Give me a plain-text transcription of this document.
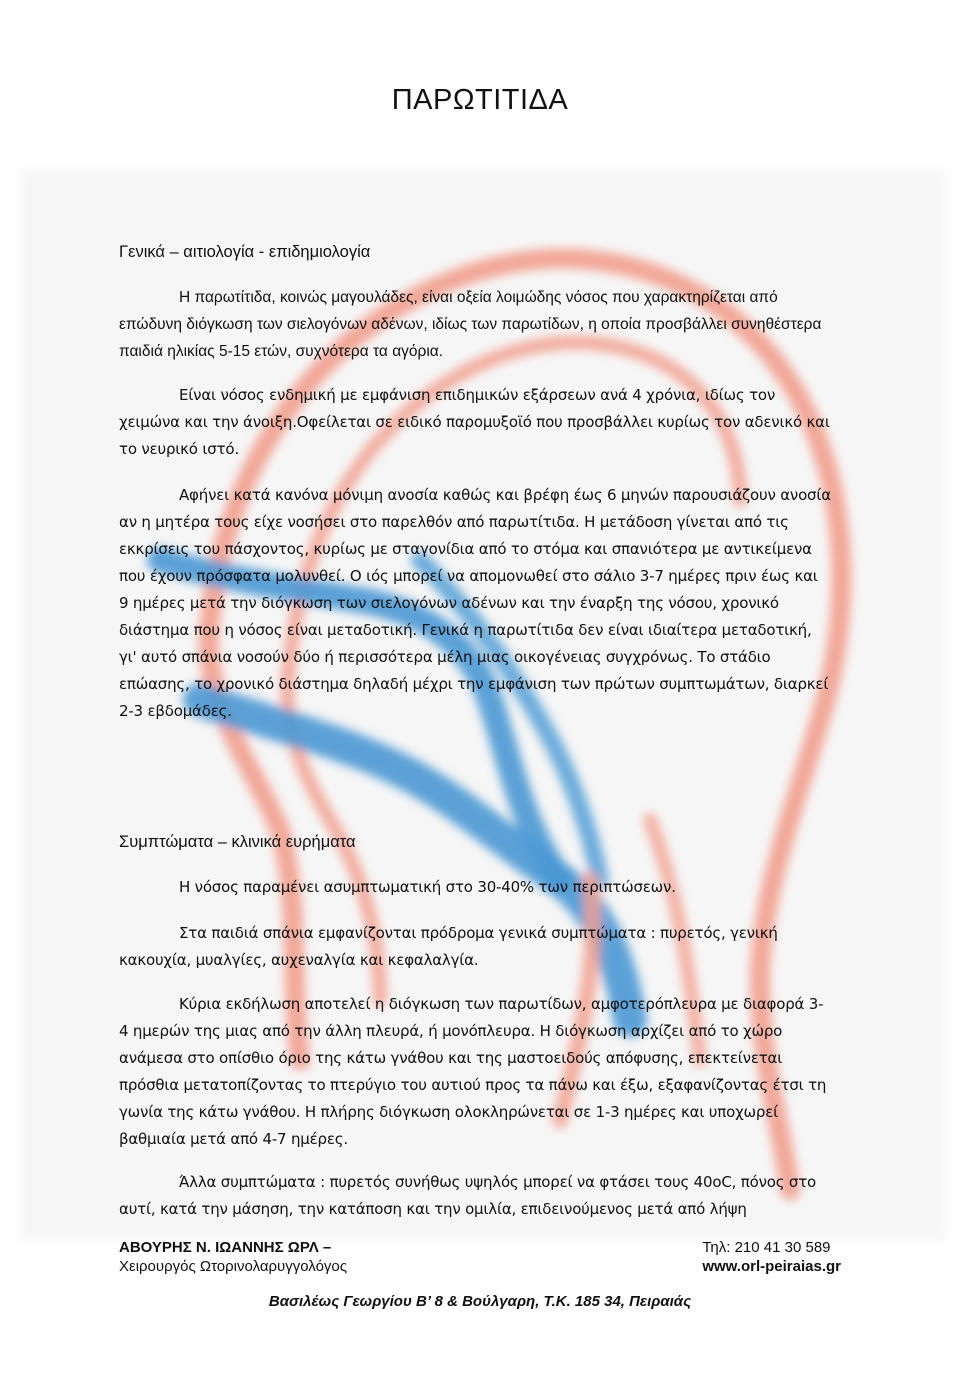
ΠΑΡΩΤΙΤΙΔΑ
Γενικά – αιτιολογία - επιδημιολογία

Η παρωτίτιδα, κοινώς μαγουλάδες, είναι οξεία λοιμώδης νόσος που χαρακτηρίζεται από επώδυνη διόγκωση των σιελογόνων αδένων, ιδίως των παρωτίδων, η οποία προσβάλλει συνηθέστερα παιδιά ηλικίας 5-15 ετών, συχνότερα τα αγόρια.

Είναι νόσος ενδημική με εμφάνιση επιδημικών εξάρσεων ανά 4 χρόνια, ιδίως τον χειμώνα και την άνοιξη.Οφείλεται σε ειδικό παρομυξοϊό που προσβάλλει κυρίως τον αδενικό και το νευρικό ιστό.

Αφήνει κατά κανόνα μόνιμη ανοσία καθώς και βρέφη έως 6 μηνών παρουσιάζουν ανοσία αν η μητέρα τους είχε νοσήσει στο παρελθόν από παρωτίτιδα. Η μετάδοση γίνεται από τις εκκρίσεις του πάσχοντος, κυρίως με σταγονίδια από το στόμα και σπανιότερα με αντικείμενα που έχουν πρόσφατα μολυνθεί. Ο ιός μπορεί να απομονωθεί στο σάλιο 3-7 ημέρες πριν έως και 9 ημέρες μετά την διόγκωση των σιελογόνων αδένων και την έναρξη της νόσου, χρονικό διάστημα που η νόσος είναι μεταδοτική. Γενικά η παρωτίτιδα δεν είναι ιδιαίτερα μεταδοτική, γι' αυτό σπάνια νοσούν δύο ή περισσότερα μέλη μιας οικογένειας συγχρόνως. Το στάδιο επώασης, το χρονικό διάστημα δηλαδή μέχρι την εμφάνιση των πρώτων συμπτωμάτων, διαρκεί 2-3 εβδομάδες.

Συμπτώματα – κλινικά ευρήματα

Η νόσος παραμένει ασυμπτωματική στο 30-40% των περιπτώσεων.

Στα παιδιά σπάνια εμφανίζονται πρόδρομα γενικά συμπτώματα : πυρετός, γενική κακουχία, μυαλγίες, αυχεναλγία και κεφαλαλγία.

Κύρια εκδήλωση αποτελεί η διόγκωση των παρωτίδων, αμφοτερόπλευρα με διαφορά 3-4 ημερών της μιας από την άλλη πλευρά, ή μονόπλευρα. Η διόγκωση αρχίζει από το χώρο ανάμεσα στο οπίσθιο όριο της κάτω γνάθου και της μαστοειδούς απόφυσης, επεκτείνεται πρόσθια μετατοπίζοντας το πτερύγιο του αυτιού προς τα πάνω και έξω, εξαφανίζοντας έτσι τη γωνία της κάτω γνάθου. Η πλήρης διόγκωση ολοκληρώνεται σε 1-3 ημέρες και υποχωρεί βαθμιαία μετά από 4-7 ημέρες.

Άλλα συμπτώματα : πυρετός συνήθως υψηλός μπορεί να φτάσει τους 40οC, πόνος στο αυτί, κατά την μάσηση, την κατάποση και την ομιλία, επιδεινούμενος μετά από λήψη

ΑΒΟΥΡΗΣ Ν. ΙΩΑΝΝΗΣ ΩΡΛ –
Χειρουργός Ωτορινολαρυγγολόγος
Τηλ: 210 41 30 589
www.orl-peiraias.gr
Βασιλέως Γεωργίου Β’ 8 & Βούλγαρη, Τ.Κ. 185 34, Πειραιάς
